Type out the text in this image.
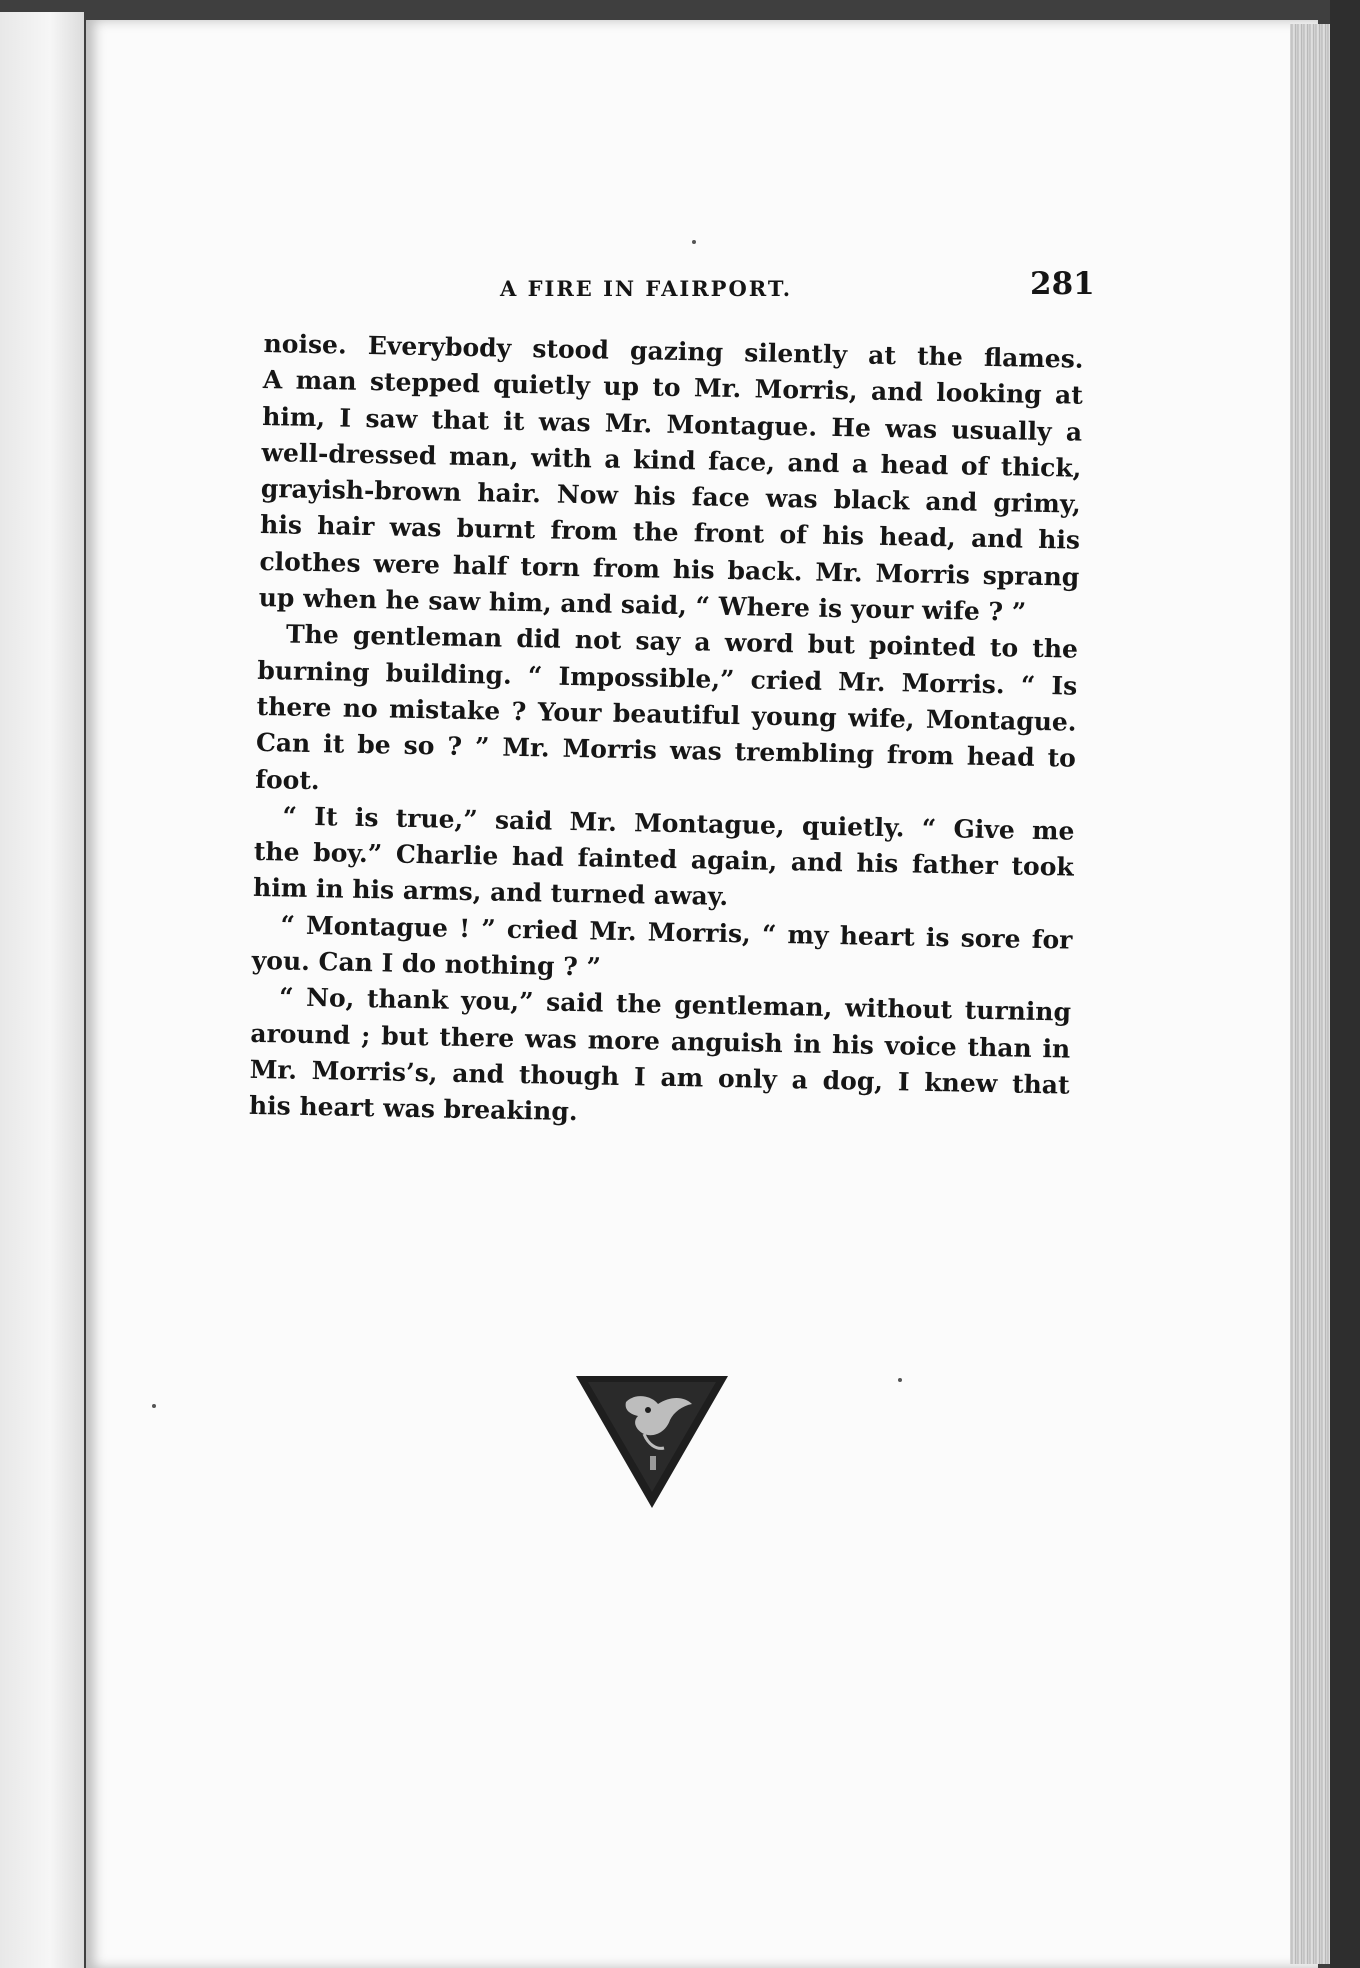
A FIRE IN FAIRPORT.	281
noise. Everybody stood gazing silently at the flames.
A man stepped quietly up to Mr. Morris, and looking at
him, I saw that it was Mr. Montague. He was usually a
well-dressed man, with a kind face, and a head of thick,
grayish-brown hair. Now his face was black and grimy,
his hair was burnt from the front of his head, and his
clothes were half torn from his back. Mr. Morris sprang
up when he saw him, and said, “ Where is your wife ? ”
The gentleman did not say a word but pointed to the
burning building. “ Impossible,” cried Mr. Morris. “ Is
there no mistake ? Your beautiful young wife, Montague.
Can it be so ? ” Mr. Morris was trembling from head to
foot.
“ It is true,” said Mr. Montague, quietly. “ Give me
the boy.” Charlie had fainted again, and his father took
him in his arms, and turned away.
“ Montague ! ” cried Mr. Morris, “ my heart is sore for
you. Can I do nothing ? ”
“ No, thank you,” said the gentleman, without turning
around ; but there was more anguish in his voice than in
Mr. Morris’s, and though I am only a dog, I knew that
his heart was breaking.
